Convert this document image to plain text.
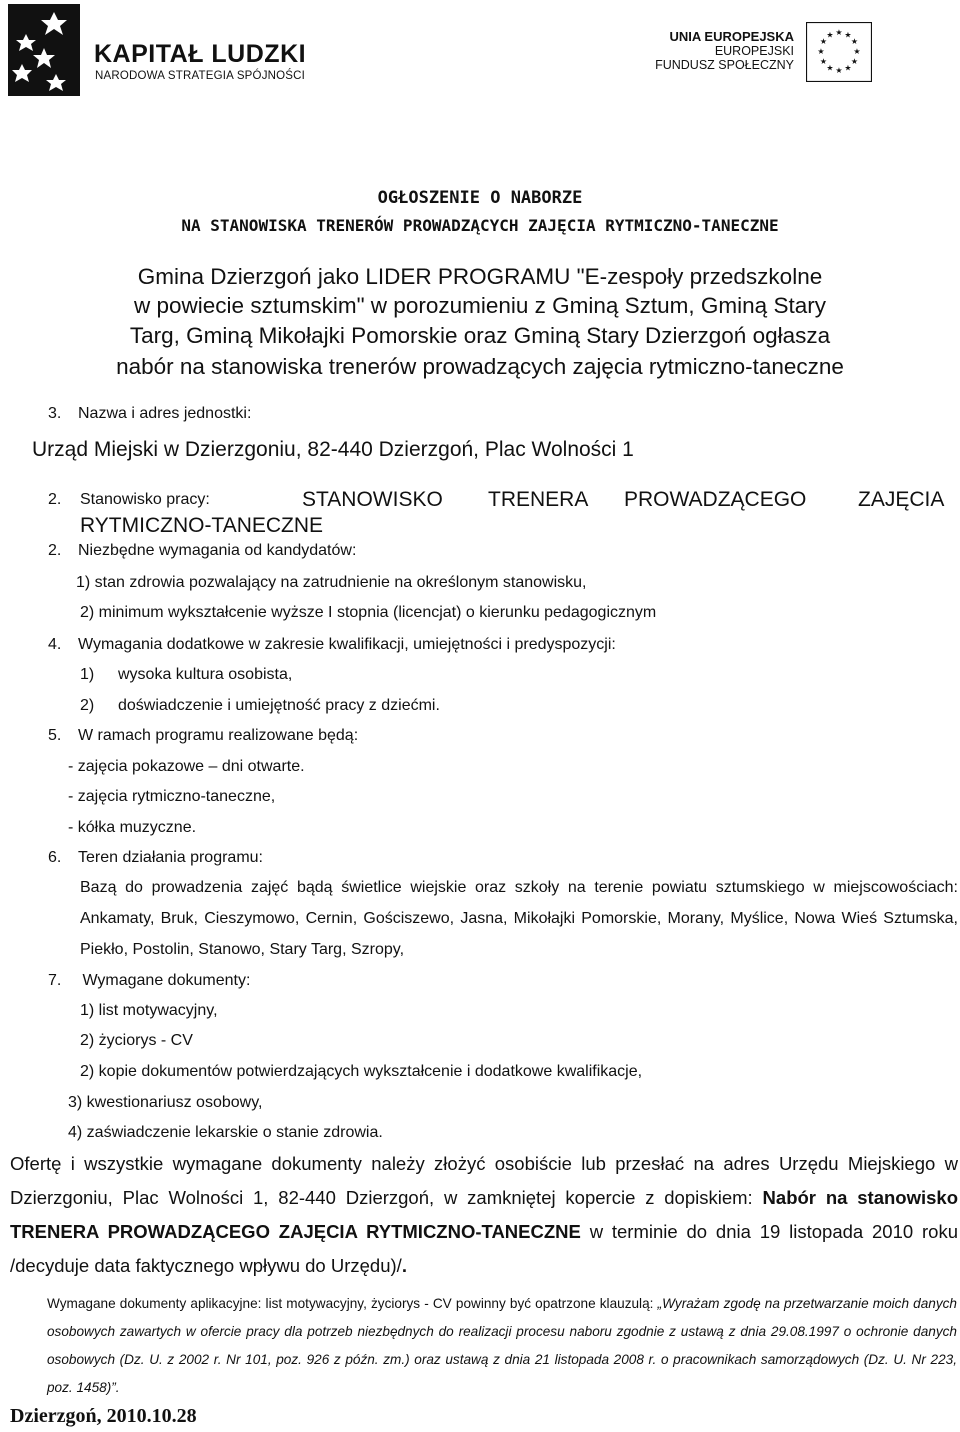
KAPITAŁ LUDZKI
NARODOWA STRATEGIA SPÓJNOŚCI
UNIA EUROPEJSKA
EUROPEJSKI
FUNDUSZ SPOŁECZNY
★ ★
★
★
★
★
★
★
★
★
★
★
OGŁOSZENIE O NABORZE
NA STANOWISKA TRENERÓW PROWADZĄCYCH ZAJĘCIA RYTMICZNO-TANECZNE
Gmina Dzierzgoń jako LIDER PROGRAMU "E-zespoły przedszkolne
w powiecie sztumskim" w porozumieniu z Gminą Sztum, Gminą Stary
Targ, Gminą Mikołajki Pomorskie oraz Gminą Stary Dzierzgoń ogłasza
nabór na stanowiska trenerów prowadzących zajęcia rytmiczno-taneczne
3. Nazwa i adres jednostki:
Urząd Miejski w Dzierzgoniu, 82-440 Dzierzgoń, Plac Wolności 1
2. Stanowisko pracy:	STANOWISKO TRENERA PROWADZĄCEGO ZAJĘCIA
RYTMICZNO-TANECZNE
2. Niezbędne wymagania od kandydatów:
1) stan zdrowia pozwalający na zatrudnienie na określonym stanowisku,
2) minimum wykształcenie wyższe I stopnia (licencjat) o kierunku pedagogicznym
4. Wymagania dodatkowe w zakresie kwalifikacji, umiejętności i predyspozycji:
1) wysoka kultura osobista,
2) doświadczenie i umiejętność pracy z dziećmi.
5. W ramach programu realizowane będą:
- zajęcia pokazowe – dni otwarte.
- zajęcia rytmiczno-taneczne,
- kółka muzyczne.
6. Teren działania programu:
Bazą do prowadzenia zajęć bądą świetlice wiejskie oraz szkoły na terenie powiatu sztumskiego w miejscowościach: Ankamaty, Bruk, Cieszymowo, Cernin, Gościszewo, Jasna, Mikołajki Pomorskie, Morany, Myślice, Nowa Wieś Sztumska, Piekło, Postolin, Stanowo, Stary Targ, Szropy,
7. Wymagane dokumenty:
1) list motywacyjny,
2) życiorys - CV
2) kopie dokumentów potwierdzających wykształcenie i dodatkowe kwalifikacje,
3) kwestionariusz osobowy,
4) zaświadczenie lekarskie o stanie zdrowia.
Ofertę i wszystkie wymagane dokumenty należy złożyć osobiście lub przesłać na adres Urzędu Miejskiego w Dzierzgoniu, Plac Wolności 1, 82-440 Dzierzgoń, w zamkniętej kopercie z dopiskiem: Nabór na stanowisko TRENERA PROWADZĄCEGO ZAJĘCIA RYTMICZNO-TANECZNE w terminie do dnia 19 listopada 2010 roku /decyduje data faktycznego wpływu do Urzędu)/.
Wymagane dokumenty aplikacyjne: list motywacyjny, życiorys - CV powinny być opatrzone klauzulą: „Wyrażam zgodę na przetwarzanie moich danych osobowych zawartych w ofercie pracy dla potrzeb niezbędnych do realizacji procesu naboru zgodnie z ustawą z dnia 29.08.1997 o ochronie danych osobowych (Dz. U. z 2002 r. Nr 101, poz. 926 z późn. zm.) oraz ustawą z dnia 21 listopada 2008 r. o pracownikach samorządowych (Dz. U. Nr 223, poz. 1458)”.
Dzierzgoń, 2010.10.28
